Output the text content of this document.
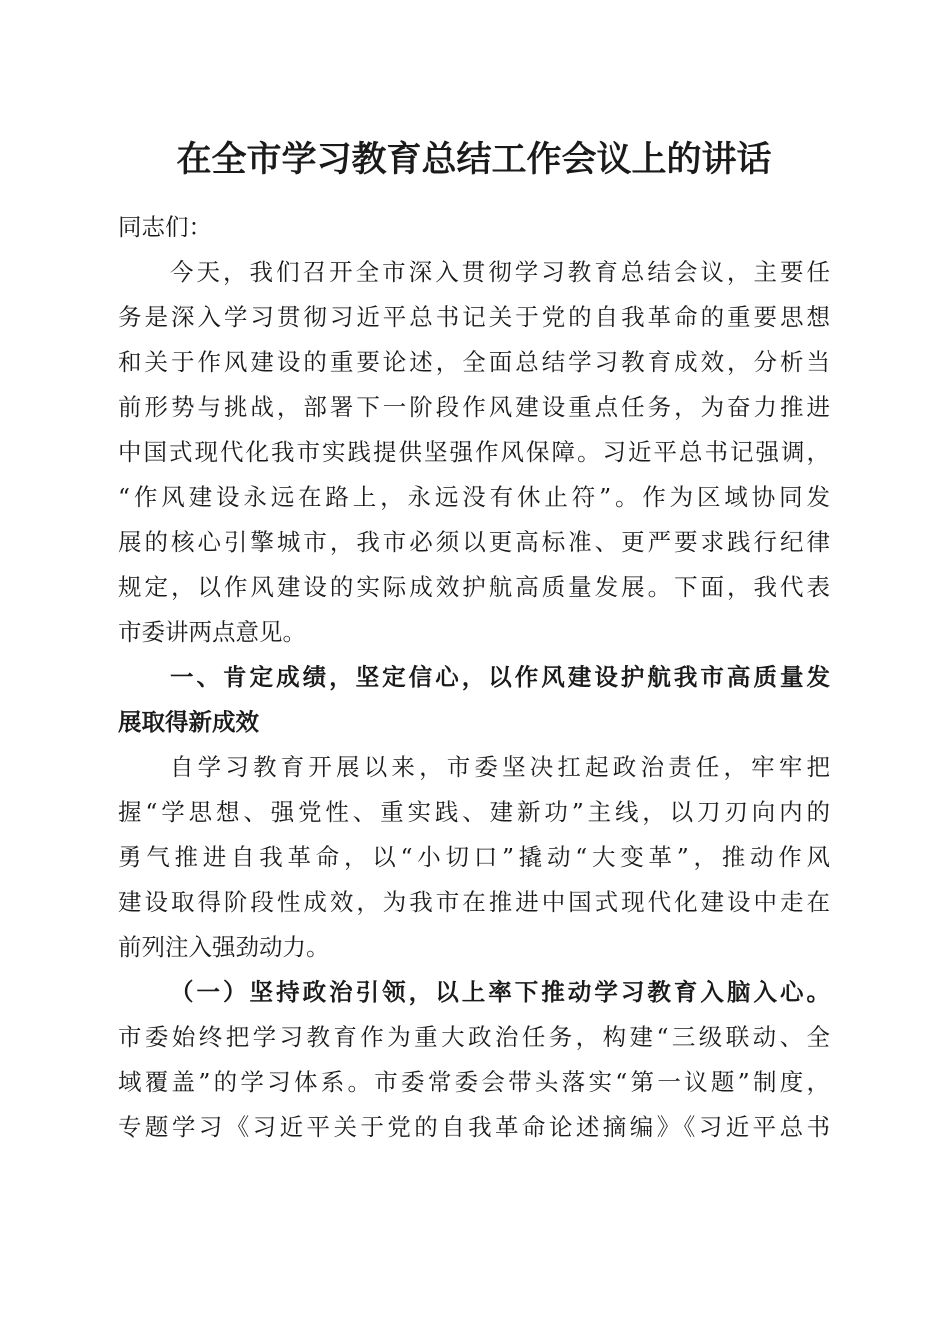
在全市学习教育总结工作会议上的讲话
同志们：
今天，我们召开全市深入贯彻学习教育总结会议，主要任
务是深入学习贯彻习近平总书记关于党的自我革命的重要思想
和关于作风建设的重要论述，全面总结学习教育成效，分析当
前形势与挑战，部署下一阶段作风建设重点任务，为奋力推进
中国式现代化我市实践提供坚强作风保障。习近平总书记强调，
“作风建设永远在路上，永远没有休止符”。作为区域协同发
展的核心引擎城市，我市必须以更高标准、更严要求践行纪律
规定，以作风建设的实际成效护航高质量发展。下面，我代表
市委讲两点意见。
一、肯定成绩，坚定信心，以作风建设护航我市高质量发
展取得新成效
自学习教育开展以来，市委坚决扛起政治责任，牢牢把
握“学思想、强党性、重实践、建新功”主线，以刀刃向内的
勇气推进自我革命，以“小切口”撬动“大变革”，推动作风
建设取得阶段性成效，为我市在推进中国式现代化建设中走在
前列注入强劲动力。
（一）坚持政治引领，以上率下推动学习教育入脑入心。
市委始终把学习教育作为重大政治任务，构建“三级联动、全
域覆盖”的学习体系。市委常委会带头落实“第一议题”制度，
专题学习《习近平关于党的自我革命论述摘编》《习近平总书
